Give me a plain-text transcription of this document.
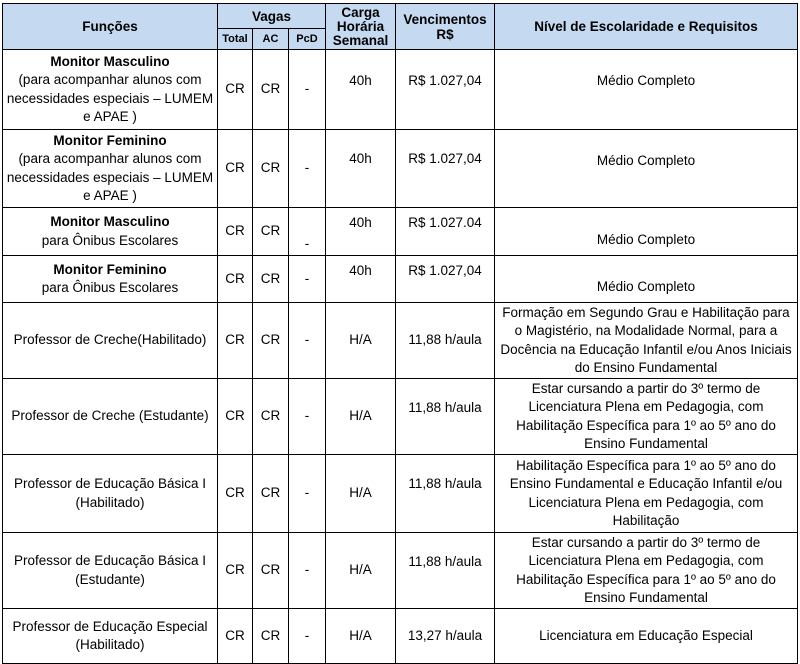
Funções	Vagas			Carga Horária Semanal	Vencimentos R$	Nível de Escolaridade e Requisitos
	Total	AC	PcD			

Monitor Masculino
(para acompanhar alunos com necessidades especiais – LUMEM e APAE )	CR	CR	-	40h	R$ 1.027,04	Médio Completo

Monitor Feminino
(para acompanhar alunos com necessidades especiais – LUMEM e APAE )	CR	CR	-	40h	R$ 1.027,04	Médio Completo

Monitor Masculino
para Ônibus Escolares	CR	CR	-	40h	R$ 1.027.04	Médio Completo

Monitor Feminino
para Ônibus Escolares	CR	CR	-	40h	R$ 1.027,04	Médio Completo

Professor de Creche(Habilitado)	CR	CR	-	H/A	11,88 h/aula	Formação em Segundo Grau e Habilitação para o Magistério, na Modalidade Normal, para a Docência na Educação Infantil e/ou Anos Iniciais do Ensino Fundamental

Professor de Creche (Estudante)	CR	CR	-	H/A	11,88 h/aula	Estar cursando a partir do 3º termo de Licenciatura Plena em Pedagogia, com Habilitação Específica para 1º ao 5º ano do Ensino Fundamental

Professor de Educação Básica I (Habilitado)	CR	CR	-	H/A	11,88 h/aula	Habilitação Específica para 1º ao 5º ano do Ensino Fundamental e Educação Infantil e/ou Licenciatura Plena em Pedagogia, com Habilitação

Professor de Educação Básica I (Estudante)	CR	CR	-	H/A	11,88 h/aula	Estar cursando a partir do 3º termo de Licenciatura Plena em Pedagogia, com Habilitação Específica para 1º ao 5º ano do Ensino Fundamental

Professor de Educação Especial (Habilitado)	CR	CR	-	H/A	13,27 h/aula	Licenciatura em Educação Especial
